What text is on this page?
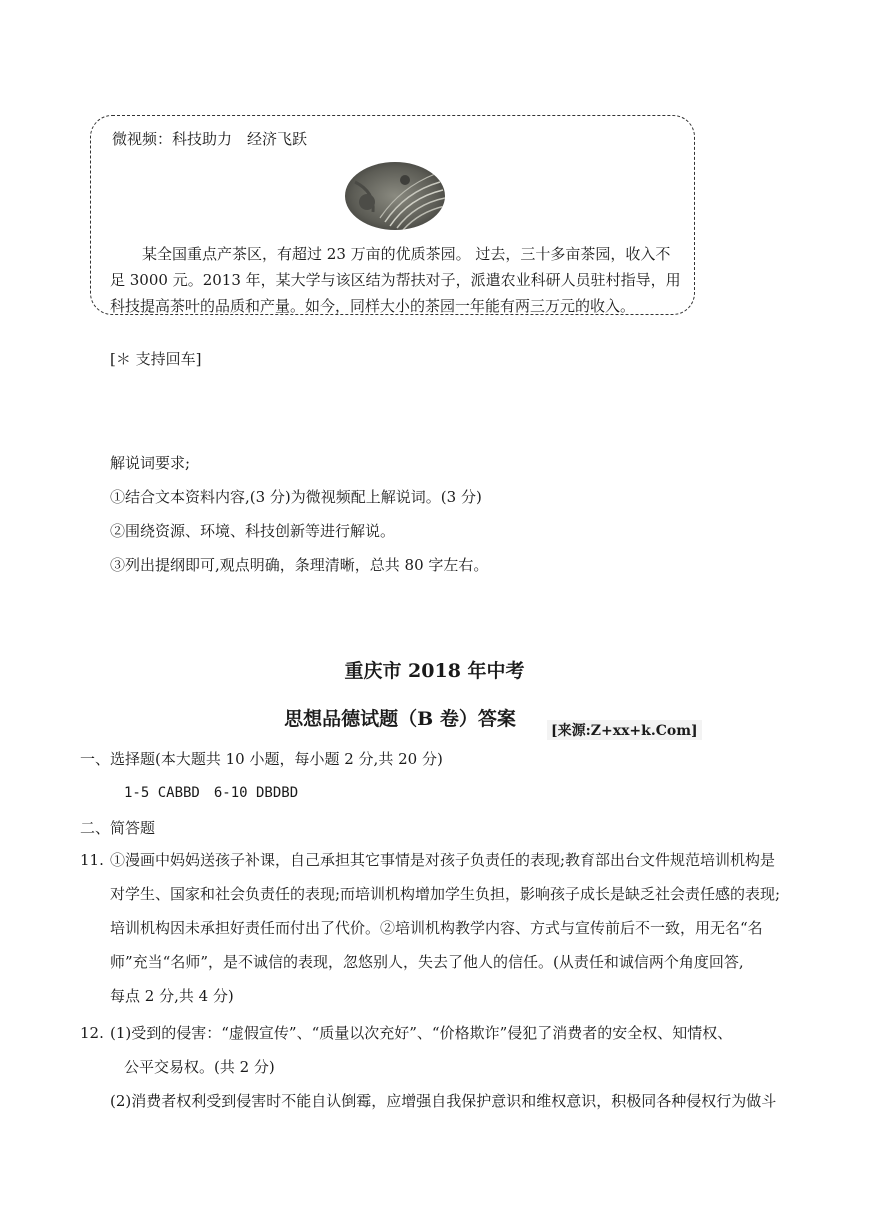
微视频：科技助力　经济飞跃
某全国重点产茶区，有超过 23 万亩的优质茶园。 过去，三十多亩茶园，收入不足 3000 元。2013 年，某大学与该区结为帮扶对子，派遣农业科研人员驻村指导，用科技提高茶叶的品质和产量。如今，同样大小的茶园一年能有两三万元的收入。
[＊ 支持回车]
解说词要求;
①结合文本资料内容,(3 分)为微视频配上解说词。(3 分)
②围绕资源、环境、科技创新等进行解说。
③列出提纲即可,观点明确，条理清晰，总共 80 字左右。
重庆市 2018 年中考
思想品德试题（B 卷）答案
[来源:Z+xx+k.Com]
一、选择题(本大题共 10 小题，每小题 2 分,共 20 分)
1-5 CABBD　6-10 DBDBD
二、简答题
11. ①漫画中妈妈送孩子补课，自己承担其它事情是对孩子负责任的表现;教育部出台文件规范培训机构是
对学生、国家和社会负责任的表现;而培训机构增加学生负担，影响孩子成长是缺乏社会责任感的表现;
培训机构因未承担好责任而付出了代价。②培训机构教学内容、方式与宣传前后不一致，用无名“名
师”充当“名师”，是不诚信的表现，忽悠别人，失去了他人的信任。(从责任和诚信两个角度回答,
每点 2 分,共 4 分)
12. (1)受到的侵害：“虚假宣传”、“质量以次充好”、“价格欺诈”侵犯了消费者的安全权、知情权、
公平交易权。(共 2 分)
(2)消费者权利受到侵害时不能自认倒霉，应增强自我保护意识和维权意识，积极同各种侵权行为做斗
